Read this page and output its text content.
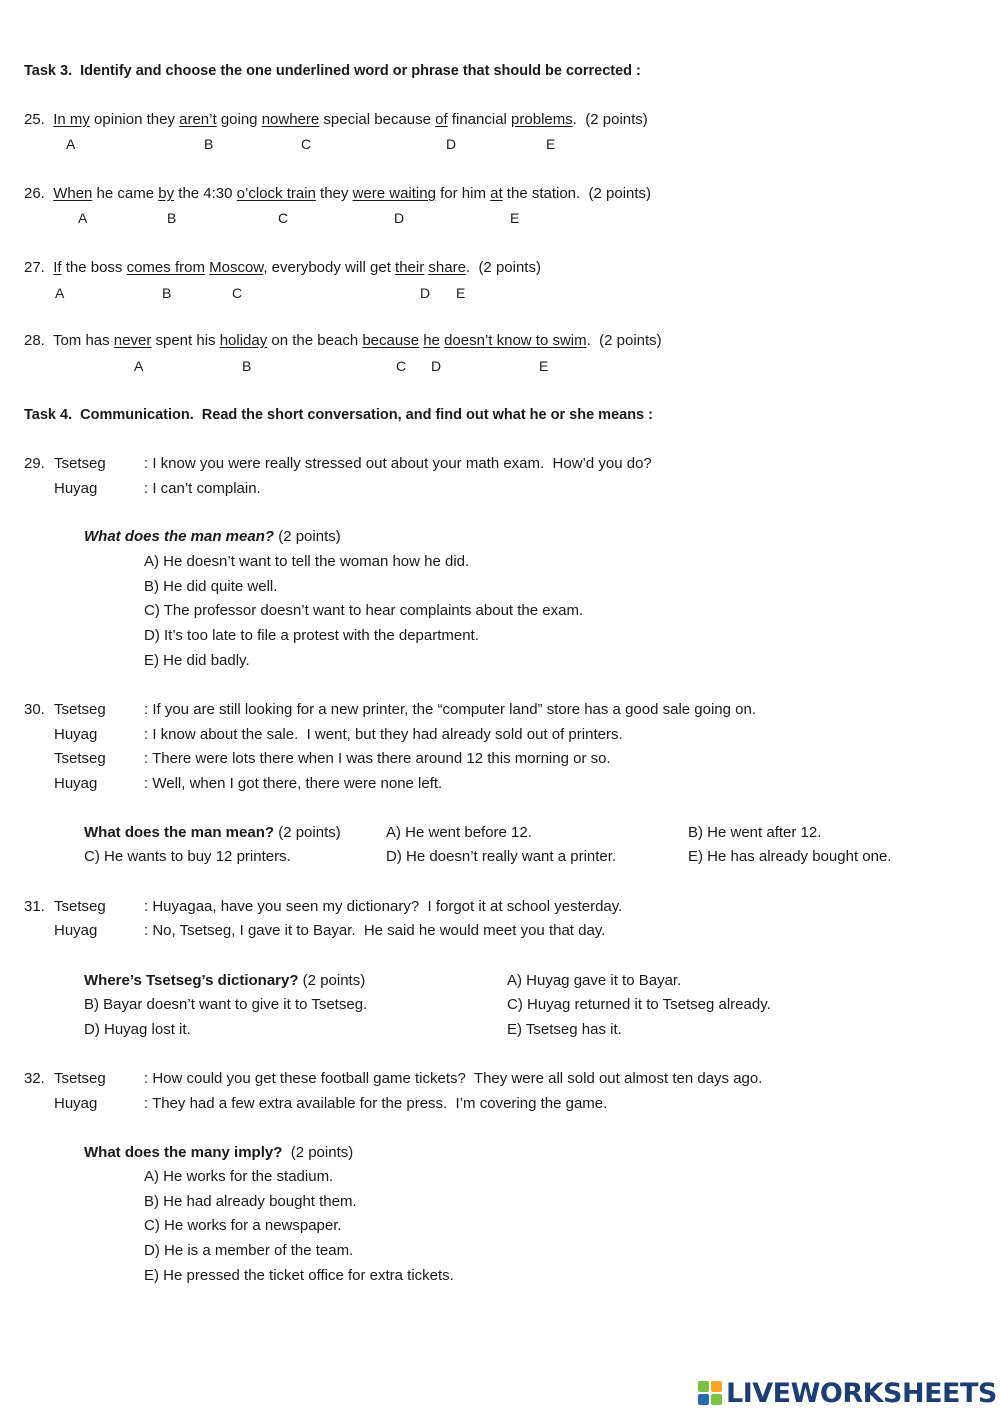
Task 3.  Identify and choose the one underlined word or phrase that should be corrected :
25. In my opinion they aren’t going nowhere special because of financial problems.  (2 points)
A	B	C	D	E
26. When he came by the 4:30 o’clock train they were waiting for him at the station.  (2 points)
A	B	C	D	E
27. If the boss comes from Moscow, everybody will get their share.  (2 points)
A	B	C	D E
28. Tom has never spent his holiday on the beach because he doesn’t know to swim.  (2 points)
A	B	C D	E
Task 4.  Communication.  Read the short conversation, and find out what he or she means :
29. Tsetseg	: I know you were really stressed out about your math exam.  How’d you do?
Huyag	: I can’t complain.
What does the man mean? (2 points)
A) He doesn’t want to tell the woman how he did.
B) He did quite well.
C) The professor doesn’t want to hear complaints about the exam.
D) It’s too late to file a protest with the department.
E) He did badly.
30. Tsetseg	: If you are still looking for a new printer, the “computer land” store has a good sale going on.
Huyag	: I know about the sale.  I went, but they had already sold out of printers.
Tsetseg	: There were lots there when I was there around 12 this morning or so.
Huyag	: Well, when I got there, there were none left.
What does the man mean? (2 points)	A) He went before 12.	B) He went after 12.
C) He wants to buy 12 printers.	D) He doesn’t really want a printer.	E) He has already bought one.
31. Tsetseg	: Huyagaa, have you seen my dictionary?  I forgot it at school yesterday.
Huyag	: No, Tsetseg, I gave it to Bayar.  He said he would meet you that day.
Where’s Tsetseg’s dictionary? (2 points)	A) Huyag gave it to Bayar.
B) Bayar doesn’t want to give it to Tsetseg.	C) Huyag returned it to Tsetseg already.
D) Huyag lost it.	E) Tsetseg has it.
32. Tsetseg	: How could you get these football game tickets?  They were all sold out almost ten days ago.
Huyag	: They had a few extra available for the press.  I’m covering the game.
What does the many imply?  (2 points)
A) He works for the stadium.
B) He had already bought them.
C) He works for a newspaper.
D) He is a member of the team.
E) He pressed the ticket office for extra tickets.
LIVEWORKSHEETS
